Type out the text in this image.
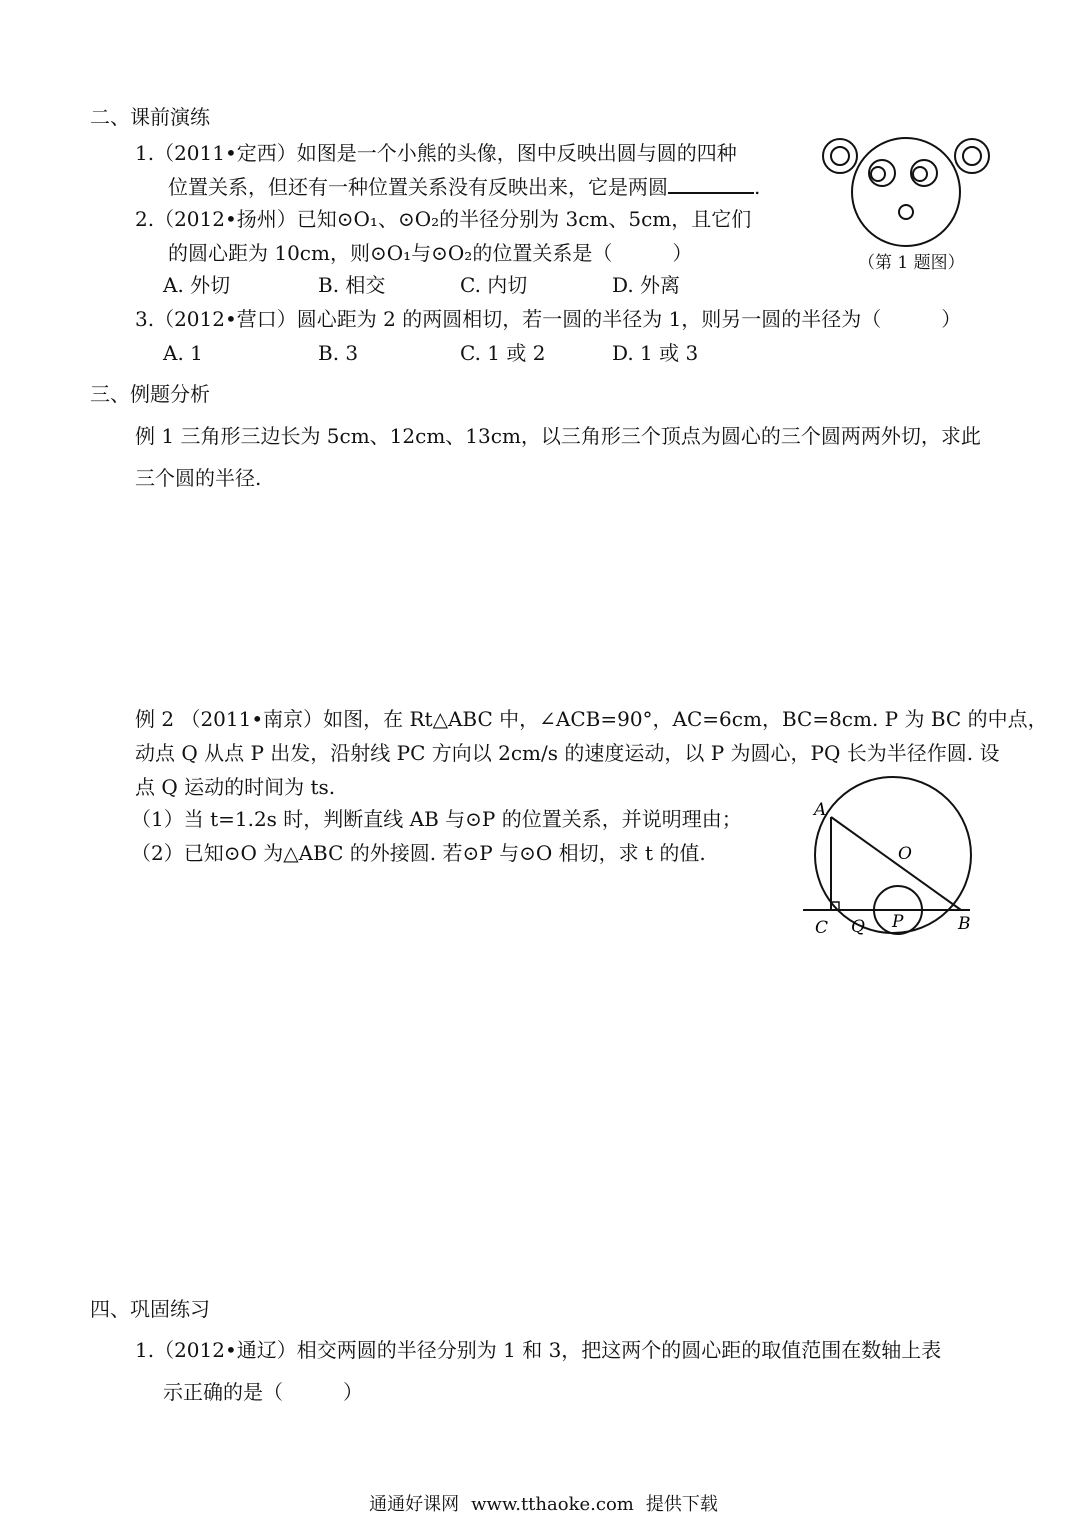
二、课前演练
1.（2011•定西）如图是一个小熊的头像，图中反映出圆与圆的四种
位置关系，但还有一种位置关系没有反映出来，它是两圆	.
（第 1 题图）
2.（2012•扬州）已知⊙O₁、⊙O₂的半径分别为 3cm、5cm，且它们
的圆心距为 10cm，则⊙O₁与⊙O₂的位置关系是（　　　）
A. 外切	B. 相交	C. 内切	D. 外离
3.（2012•营口）圆心距为 2 的两圆相切，若一圆的半径为 1，则另一圆的半径为（　　　）
A. 1	B. 3	C. 1 或 2	D. 1 或 3
三、例题分析
例 1 三角形三边长为 5cm、12cm、13cm，以三角形三个顶点为圆心的三个圆两两外切，求此
三个圆的半径.
例 2 （2011•南京）如图，在 Rt△ABC 中，∠ACB=90°，AC=6cm，BC=8cm. P 为 BC 的中点，
动点 Q 从点 P 出发，沿射线 PC 方向以 2cm/s 的速度运动，以 P 为圆心，PQ 长为半径作圆. 设
点 Q 运动的时间为 ts.
（1）当 t=1.2s 时，判断直线 AB 与⊙P 的位置关系，并说明理由；
（2）已知⊙O 为△ABC 的外接圆. 若⊙P 与⊙O 相切，求 t 的值.
A
O
C Q P	B
四、巩固练习
1.（2012•通辽）相交两圆的半径分别为 1 和 3，把这两个的圆心距的取值范围在数轴上表
示正确的是（　　　）
通通好课网 www.tthaoke.com 提供下载
